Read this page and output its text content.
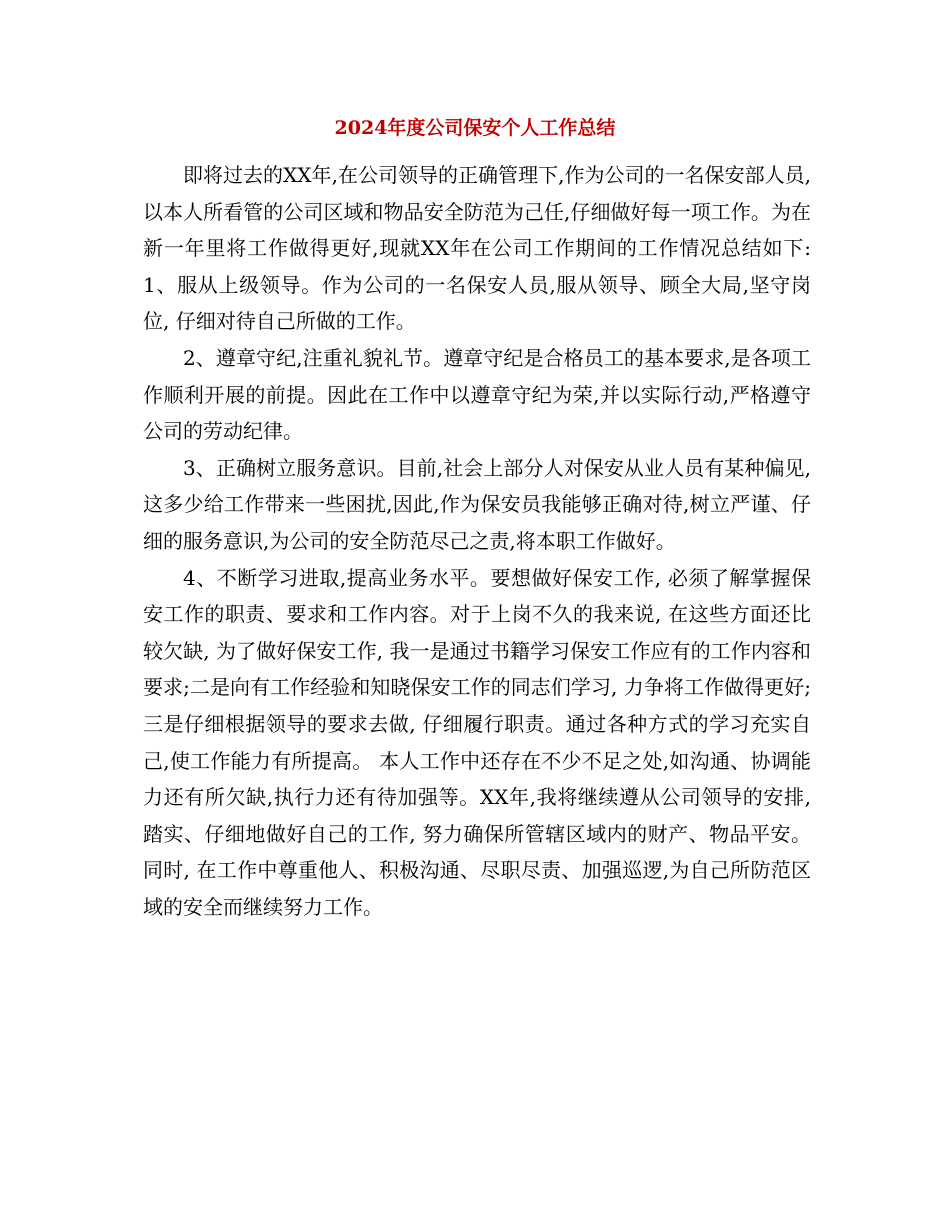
2024年度公司保安个人工作总结

即将过去的XX年,在公司领导的正确管理下,作为公司的一名保安部人员,以本人所看管的公司区域和物品安全防范为己任,仔细做好每一项工作。为在新一年里将工作做得更好,现就XX年在公司工作期间的工作情况总结如下:1、服从上级领导。作为公司的一名保安人员,服从领导、顾全大局,坚守岗位, 仔细对待自己所做的工作。

2、遵章守纪,注重礼貌礼节。遵章守纪是合格员工的基本要求,是各项工作顺利开展的前提。因此在工作中以遵章守纪为荣,并以实际行动,严格遵守公司的劳动纪律。

3、正确树立服务意识。目前,社会上部分人对保安从业人员有某种偏见,这多少给工作带来一些困扰,因此,作为保安员我能够正确对待,树立严谨、仔细的服务意识,为公司的安全防范尽己之责,将本职工作做好。

4、不断学习进取,提高业务水平。要想做好保安工作, 必须了解掌握保安工作的职责、要求和工作内容。对于上岗不久的我来说, 在这些方面还比较欠缺, 为了做好保安工作, 我一是通过书籍学习保安工作应有的工作内容和要求;二是向有工作经验和知晓保安工作的同志们学习, 力争将工作做得更好;三是仔细根据领导的要求去做, 仔细履行职责。通过各种方式的学习充实自己,使工作能力有所提高。 本人工作中还存在不少不足之处,如沟通、协调能力还有所欠缺,执行力还有待加强等。XX年,我将继续遵从公司领导的安排, 踏实、仔细地做好自己的工作, 努力确保所管辖区域内的财产、物品平安。同时, 在工作中尊重他人、积极沟通、尽职尽责、加强巡逻,为自己所防范区域的安全而继续努力工作。
